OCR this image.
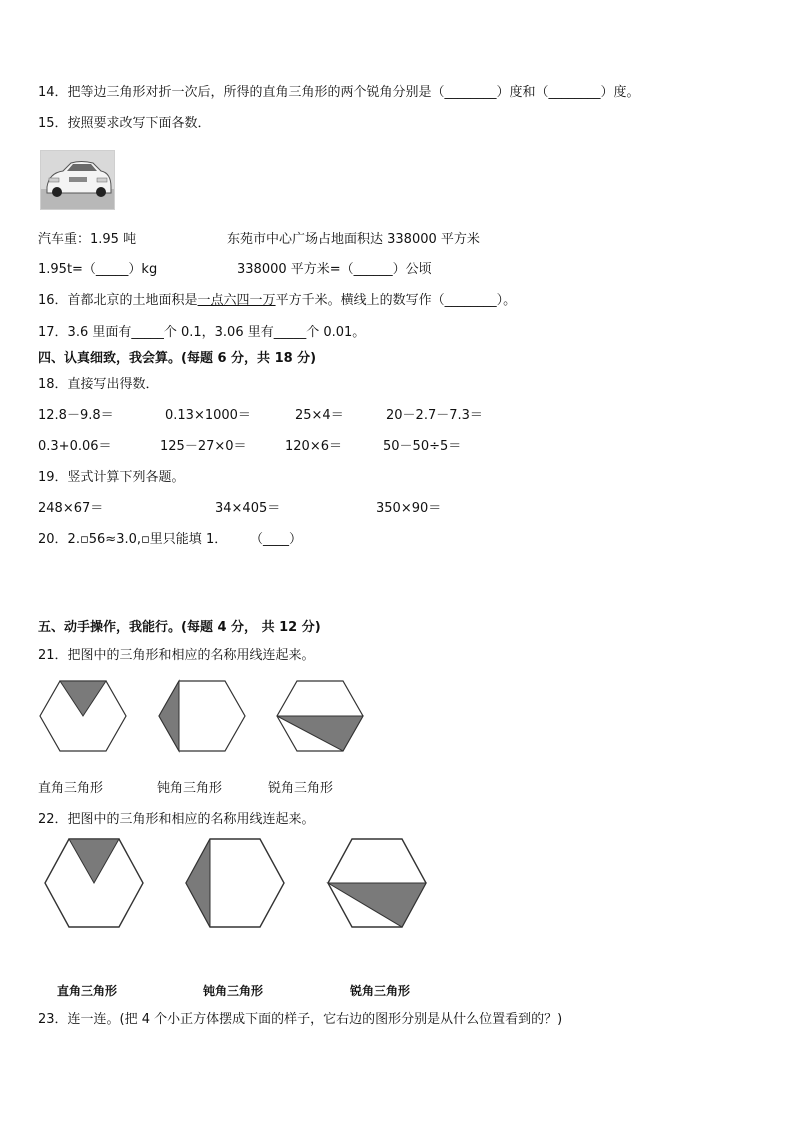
14．把等边三角形对折一次后，所得的直角三角形的两个锐角分别是（________）度和（________）度。
15．按照要求改写下面各数．
汽车重：1.95 吨	东苑市中心广场占地面积达 338000 平方米
1.95t=（_____）kg	338000 平方米=（______）公顷
16．首都北京的土地面积是一点六四一万平方千米。横线上的数写作（________）。
17．3.6 里面有_____个 0.1，3.06 里有_____个 0.01。
四、认真细致，我会算。(每题 6 分，共 18 分)
18．直接写出得数．
12.8－9.8＝	0.13×1000＝	25×4＝	20－2.7－7.3＝
0.3+0.06＝	125－27×0＝	120×6＝	50－50÷5＝
19．竖式计算下列各题。
248×67＝	34×405＝	350×90＝
20．2.▫56≈3.0,▫里只能填 1． （____）
五、动手操作，我能行。(每题 4 分， 共 12 分)
21．把图中的三角形和相应的名称用线连起来。
直角三角形	钝角三角形	锐角三角形
22．把图中的三角形和相应的名称用线连起来。
直角三角形	钝角三角形	锐角三角形
23．连一连。(把 4 个小正方体摆成下面的样子，它右边的图形分别是从什么位置看到的？)
